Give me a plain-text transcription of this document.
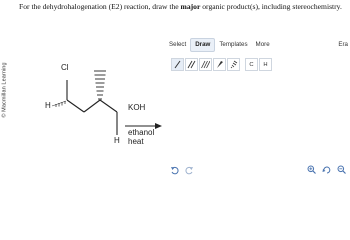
© Macmillan Learning
For the dehydrohalogenation (E2) reaction, draw the major organic product(s), including stereochemistry.
Cl
H
H
KOH
ethanol
heat
Select	Draw	Templates	More	Era
C	H
